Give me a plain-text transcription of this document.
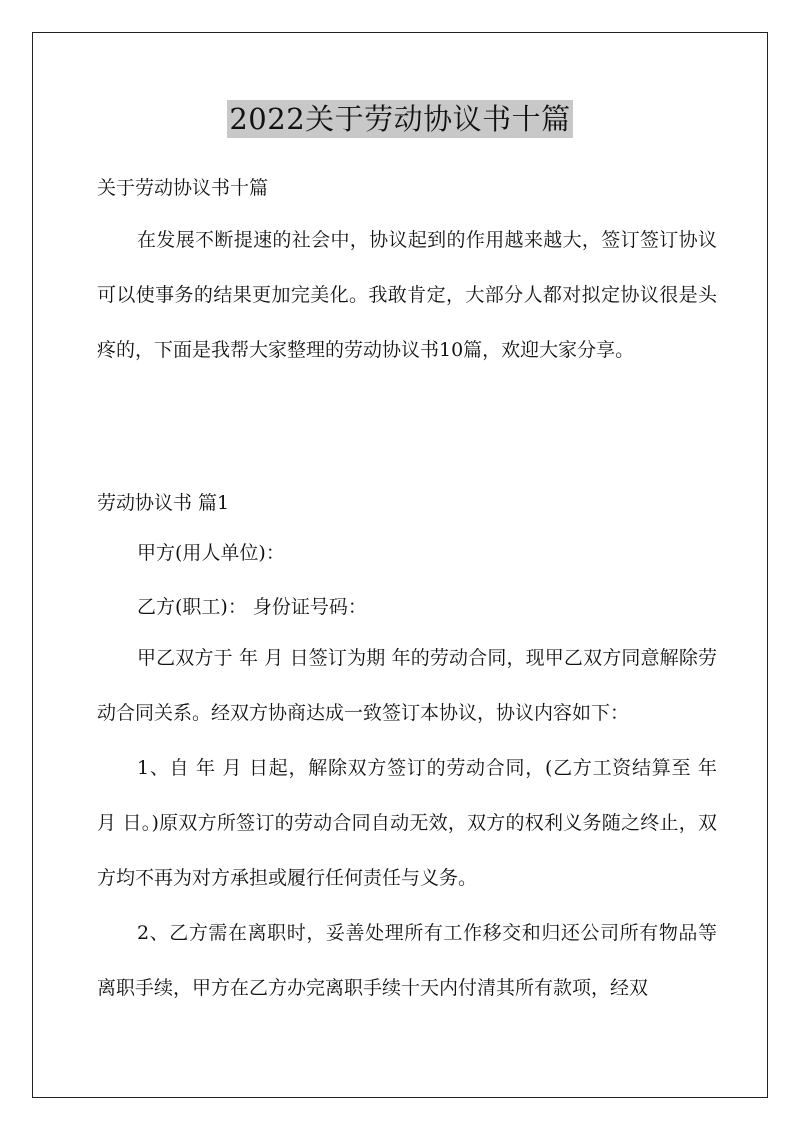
2022关于劳动协议书十篇

关于劳动协议书十篇

在发展不断提速的社会中，协议起到的作用越来越大，签订签订协议可以使事务的结果更加完美化。我敢肯定，大部分人都对拟定协议很是头疼的，下面是我帮大家整理的劳动协议书10篇，欢迎大家分享。

劳动协议书 篇1

甲方(用人单位)：

乙方(职工)： 身份证号码：

甲乙双方于 年 月 日签订为期 年的劳动合同，现甲乙双方同意解除劳动合同关系。经双方协商达成一致签订本协议，协议内容如下：

1、自 年 月 日起，解除双方签订的劳动合同，(乙方工资结算至 年 月 日。)原双方所签订的劳动合同自动无效，双方的权利义务随之终止，双方均不再为对方承担或履行任何责任与义务。

2、乙方需在离职时，妥善处理所有工作移交和归还公司所有物品等离职手续，甲方在乙方办完离职手续十天内付清其所有款项，经双
